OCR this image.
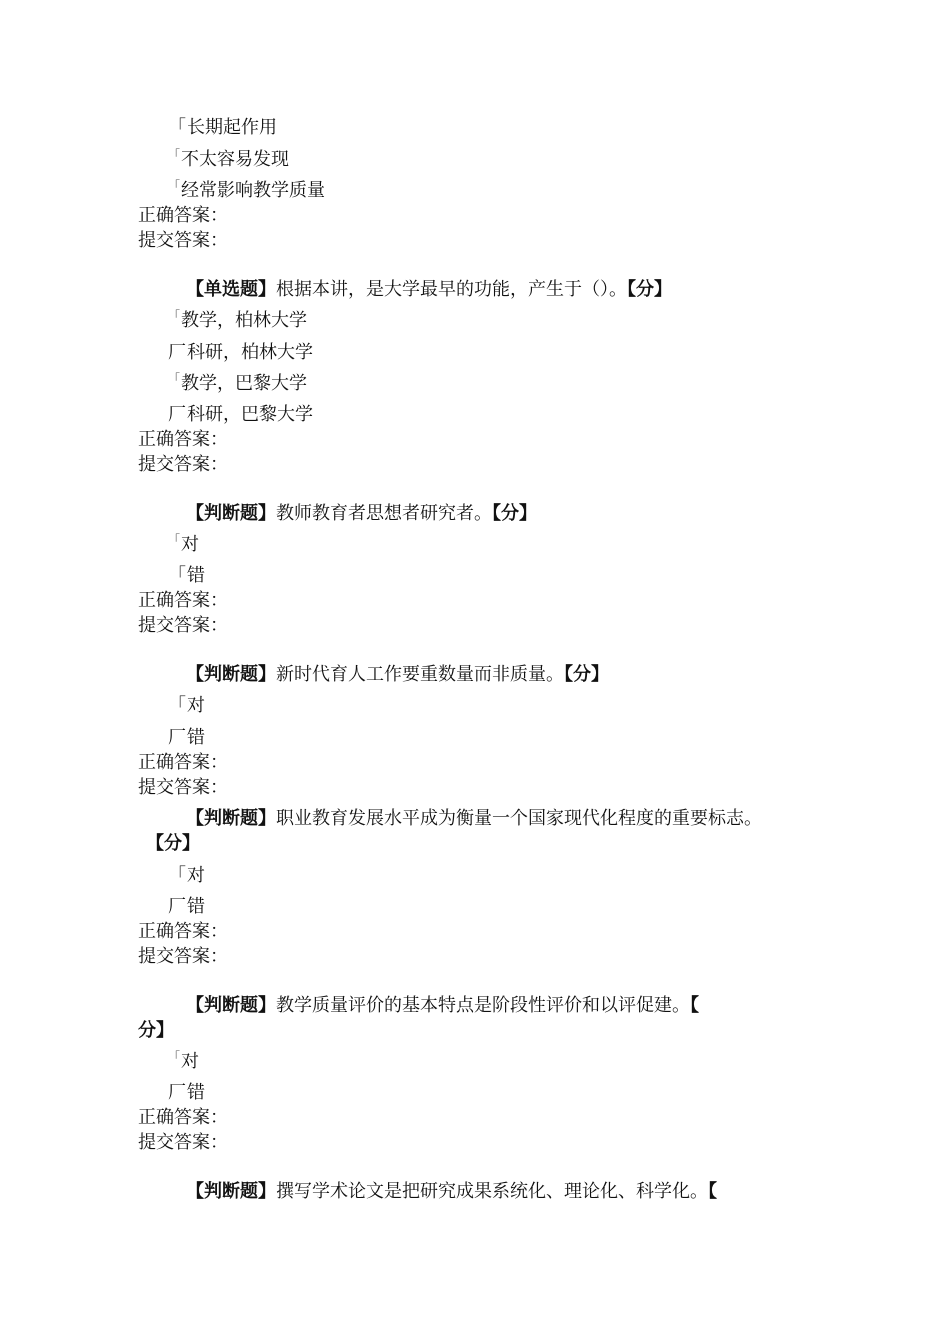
「长期起作用
「不太容易发现
「经常影响教学质量
正确答案：
提交答案：
【单选题】根据本讲，是大学最早的功能，产生于（）。【分】
「教学，柏林大学
厂科研，柏林大学
「教学，巴黎大学
厂科研，巴黎大学
正确答案：
提交答案：
【判断题】教师教育者思想者研究者。【分】
「对
「错
正确答案：
提交答案：
【判断题】新时代育人工作要重数量而非质量。【分】
「对
厂错
正确答案：
提交答案：
【判断题】职业教育发展水平成为衡量一个国家现代化程度的重要标志。
【分】
「对
厂错
正确答案：
提交答案：
【判断题】教学质量评价的基本特点是阶段性评价和以评促建。【
分】
「对
厂错
正确答案：
提交答案：
【判断题】撰写学术论文是把研究成果系统化、理论化、科学化。【
